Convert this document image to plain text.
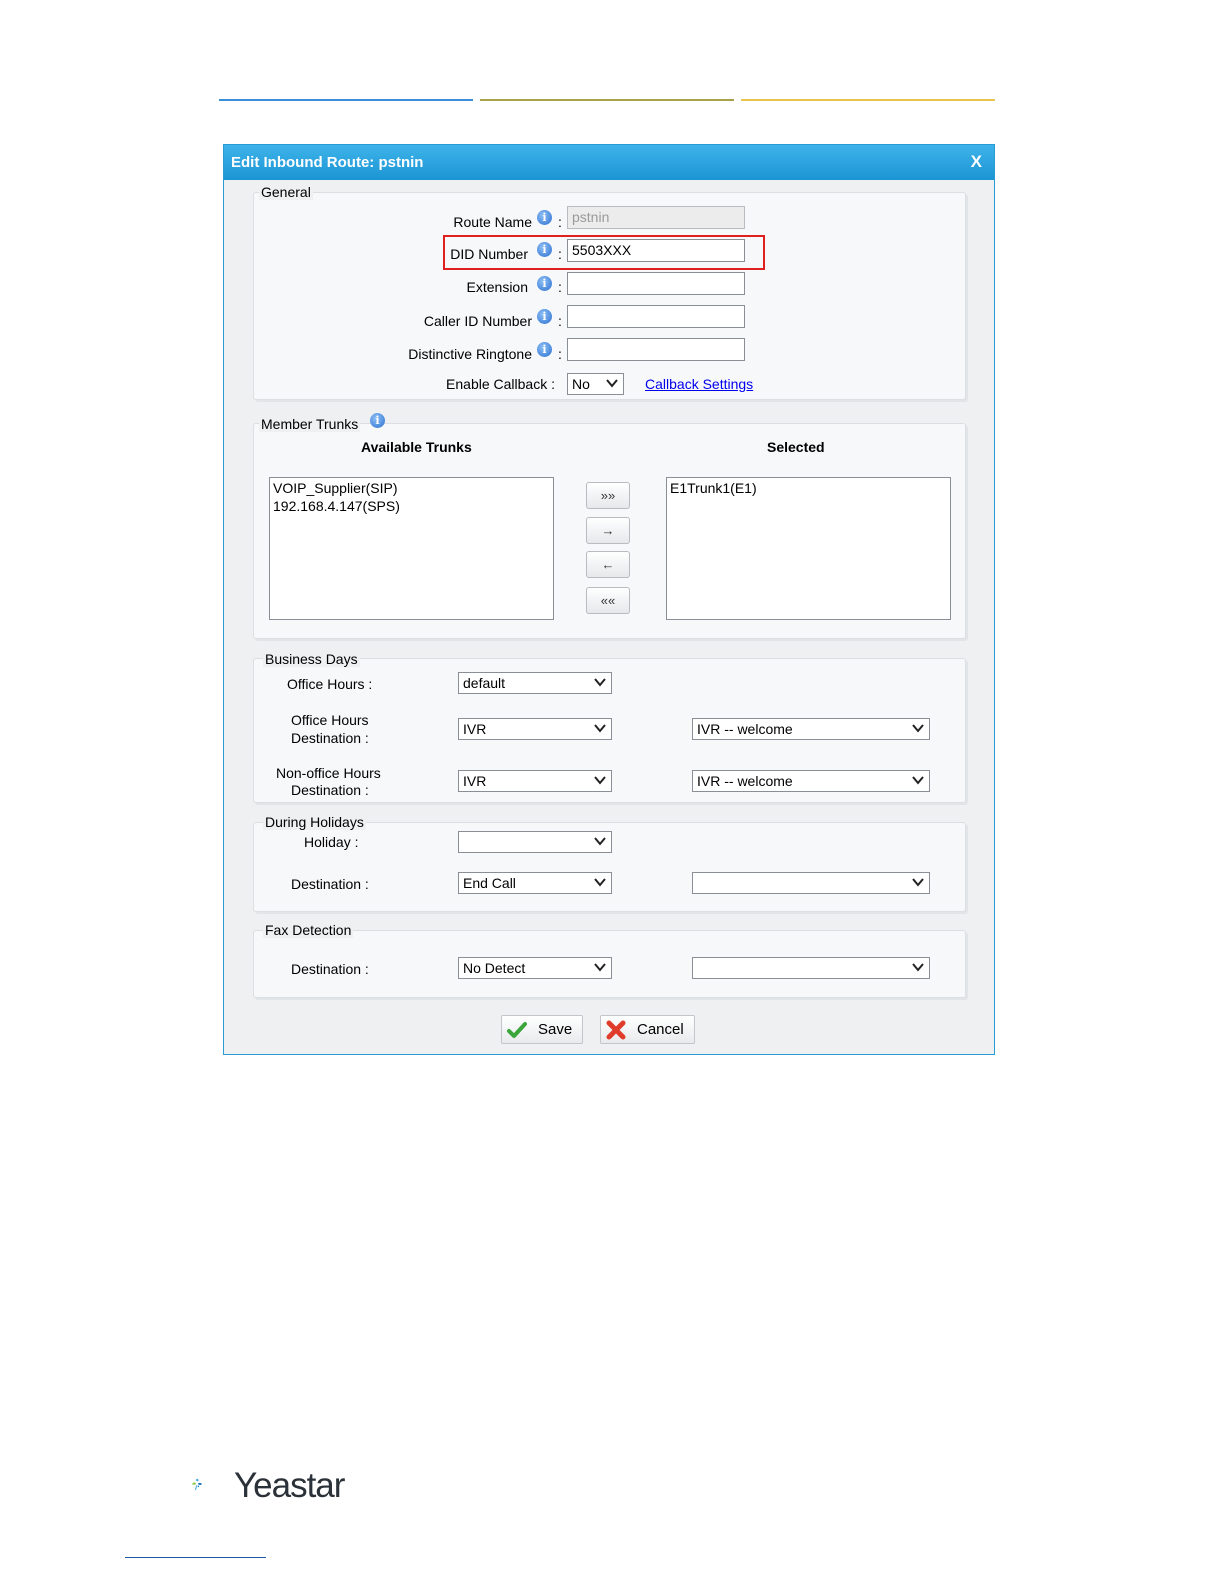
Edit Inbound Route: pstnin	X
General
Route Name i : pstnin
DID Number	i : 5503XXX
Extension	i :
Caller ID Number i :
Distinctive Ringtone i :
Enable Callback :	No	Callback Settings
Member Trunks	i
Available Trunks	Selected
VOIP_Supplier(SIP)
192.168.4.147(SPS)
»»
→
←
««
E1Trunk1(E1)
Business Days
Office Hours :	default
Office Hours
Destination :
IVR	IVR -- welcome
Non-office Hours
Destination :
IVR	IVR -- welcome
During Holidays
Holiday :
Destination :	End Call
Fax Detection
Destination :	No Detect
Save	Cancel
Yeastar
